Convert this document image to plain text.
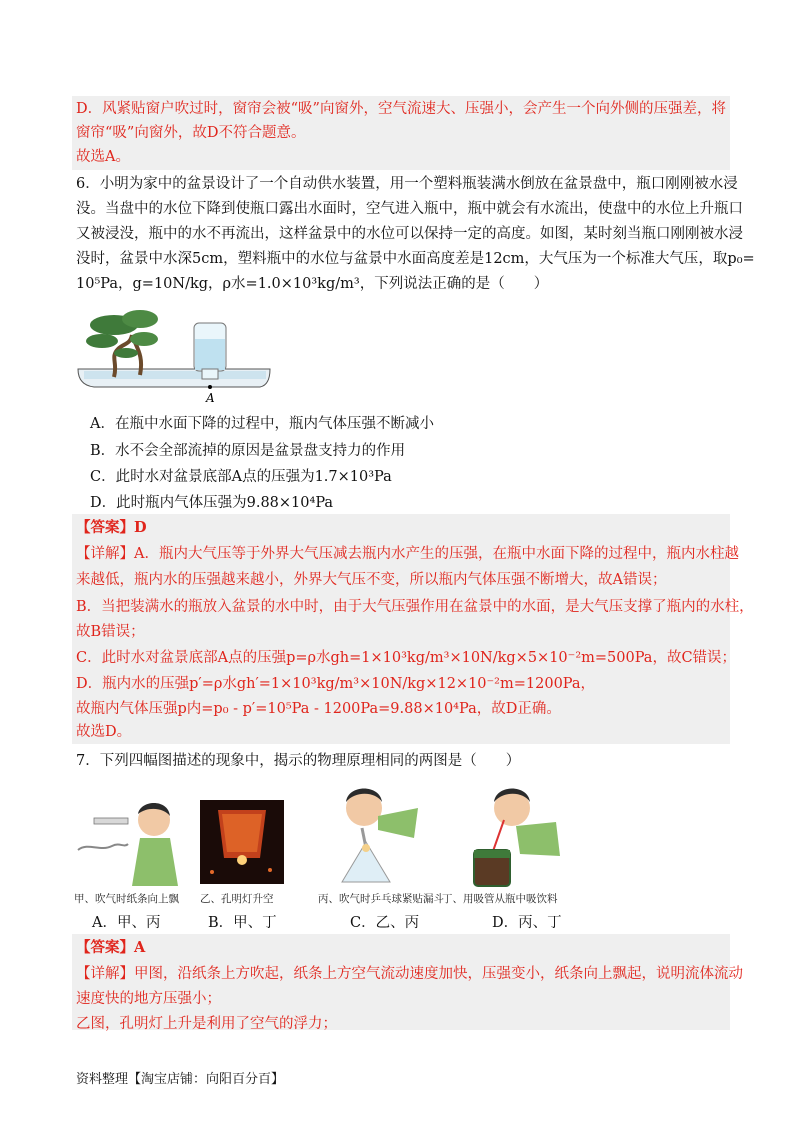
D．风紧贴窗户吹过时，窗帘会被“吸”向窗外，空气流速大、压强小，会产生一个向外侧的压强差，将
窗帘“吸”向窗外，故D不符合题意。
故选A。
6．小明为家中的盆景设计了一个自动供水装置，用一个塑料瓶装满水倒放在盆景盘中，瓶口刚刚被水浸
没。当盘中的水位下降到使瓶口露出水面时，空气进入瓶中，瓶中就会有水流出，使盘中的水位上升瓶口
又被浸没，瓶中的水不再流出，这样盆景中的水位可以保持一定的高度。如图，某时刻当瓶口刚刚被水浸
没时，盆景中水深5cm，塑料瓶中的水位与盆景中水面高度差是12cm，大气压为一个标准大气压，取p₀=
10⁵Pa，g=10N/kg，ρ水=1.0×10³kg/m³，下列说法正确的是（　　）
A
A．在瓶中水面下降的过程中，瓶内气体压强不断减小
B．水不会全部流掉的原因是盆景盘支持力的作用
C．此时水对盆景底部A点的压强为1.7×10³Pa
D．此时瓶内气体压强为9.88×10⁴Pa
【答案】D
【详解】A．瓶内大气压等于外界大气压减去瓶内水产生的压强，在瓶中水面下降的过程中，瓶内水柱越
来越低，瓶内水的压强越来越小，外界大气压不变，所以瓶内气体压强不断增大，故A错误；
B．当把装满水的瓶放入盆景的水中时，由于大气压强作用在盆景中的水面，是大气压支撑了瓶内的水柱，
故B错误；
C．此时水对盆景底部A点的压强p=ρ水gh=1×10³kg/m³×10N/kg×5×10⁻²m=500Pa，故C错误；
D．瓶内水的压强p′=ρ水gh′=1×10³kg/m³×10N/kg×12×10⁻²m=1200Pa，
故瓶内气体压强p内=p₀ - p′=10⁵Pa - 1200Pa=9.88×10⁴Pa，故D正确。
故选D。
7．下列四幅图描述的现象中，揭示的物理原理相同的两图是（　　）
甲、吹气时纸条向上飘 乙、孔明灯升空	丙、吹气时乒乓球紧贴漏斗
丁、用吸管从瓶中吸饮料
A．甲、丙	B．甲、丁	C．乙、丙	D．丙、丁
【答案】A
【详解】甲图，沿纸条上方吹起，纸条上方空气流动速度加快，压强变小，纸条向上飘起，说明流体流动
速度快的地方压强小；
乙图，孔明灯上升是利用了空气的浮力；
资料整理【淘宝店铺：向阳百分百】
